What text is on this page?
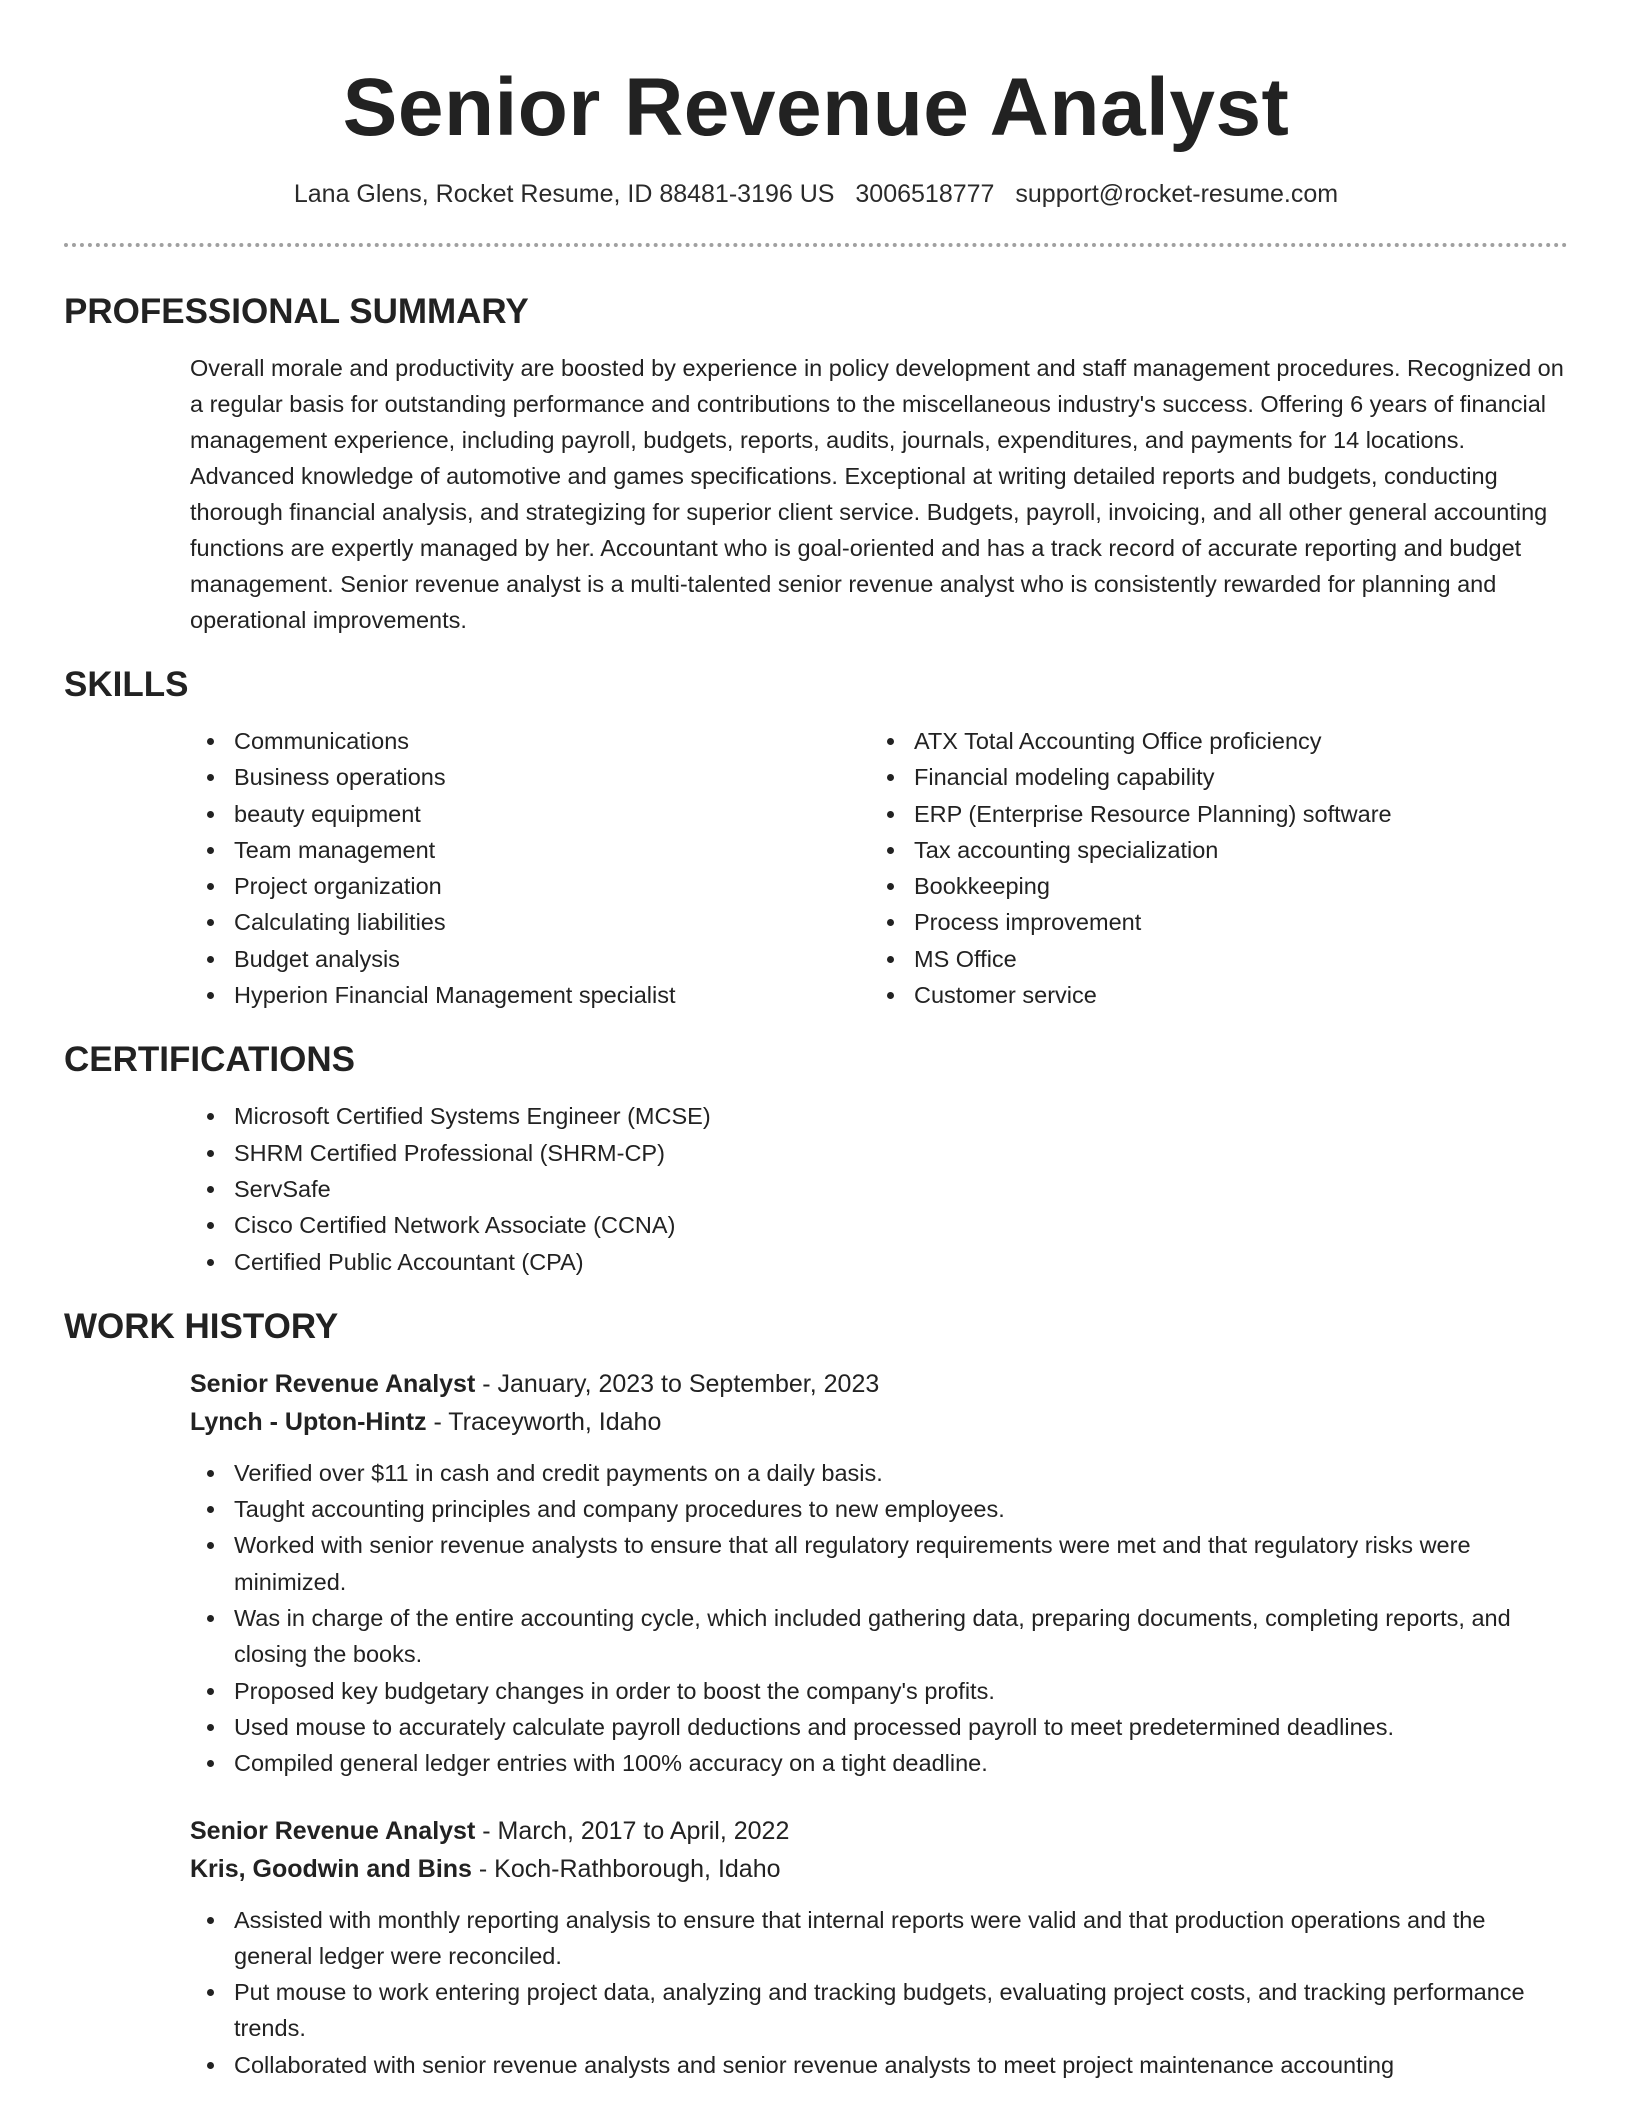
Senior Revenue Analyst
Lana Glens, Rocket Resume, ID 88481-3196 US 3006518777 support@rocket-resume.com
PROFESSIONAL SUMMARY

Overall morale and productivity are boosted by experience in policy development and staff management procedures. Recognized on a regular basis for outstanding performance and contributions to the miscellaneous industry's success. Offering 6 years of financial management experience, including payroll, budgets, reports, audits, journals, expenditures, and payments for 14 locations. Advanced knowledge of automotive and games specifications. Exceptional at writing detailed reports and budgets, conducting thorough financial analysis, and strategizing for superior client service. Budgets, payroll, invoicing, and all other general accounting functions are expertly managed by her. Accountant who is goal-oriented and has a track record of accurate reporting and budget management. Senior revenue analyst is a multi-talented senior revenue analyst who is consistently rewarded for planning and operational improvements.

SKILLS
Communications
Business operations
beauty equipment
Team management
Project organization
Calculating liabilities
Budget analysis
Hyperion Financial Management specialist
ATX Total Accounting Office proficiency
Financial modeling capability
ERP (Enterprise Resource Planning) software
Tax accounting specialization
Bookkeeping
Process improvement
MS Office
Customer service
CERTIFICATIONS
Microsoft Certified Systems Engineer (MCSE)
SHRM Certified Professional (SHRM-CP)
ServSafe
Cisco Certified Network Associate (CCNA)
Certified Public Accountant (CPA)
WORK HISTORY
Senior Revenue Analyst - January, 2023 to September, 2023
Lynch - Upton-Hintz - Traceyworth, Idaho
Verified over $11 in cash and credit payments on a daily basis.
Taught accounting principles and company procedures to new employees.
Worked with senior revenue analysts to ensure that all regulatory requirements were met and that regulatory risks were minimized.
Was in charge of the entire accounting cycle, which included gathering data, preparing documents, completing reports, and closing the books.
Proposed key budgetary changes in order to boost the company's profits.
Used mouse to accurately calculate payroll deductions and processed payroll to meet predetermined deadlines.
Compiled general ledger entries with 100% accuracy on a tight deadline.
Senior Revenue Analyst - March, 2017 to April, 2022
Kris, Goodwin and Bins - Koch-Rathborough, Idaho
Assisted with monthly reporting analysis to ensure that internal reports were valid and that production operations and the general ledger were reconciled.
Put mouse to work entering project data, analyzing and tracking budgets, evaluating project costs, and tracking performance trends.
Collaborated with senior revenue analysts and senior revenue analysts to meet project maintenance accounting
